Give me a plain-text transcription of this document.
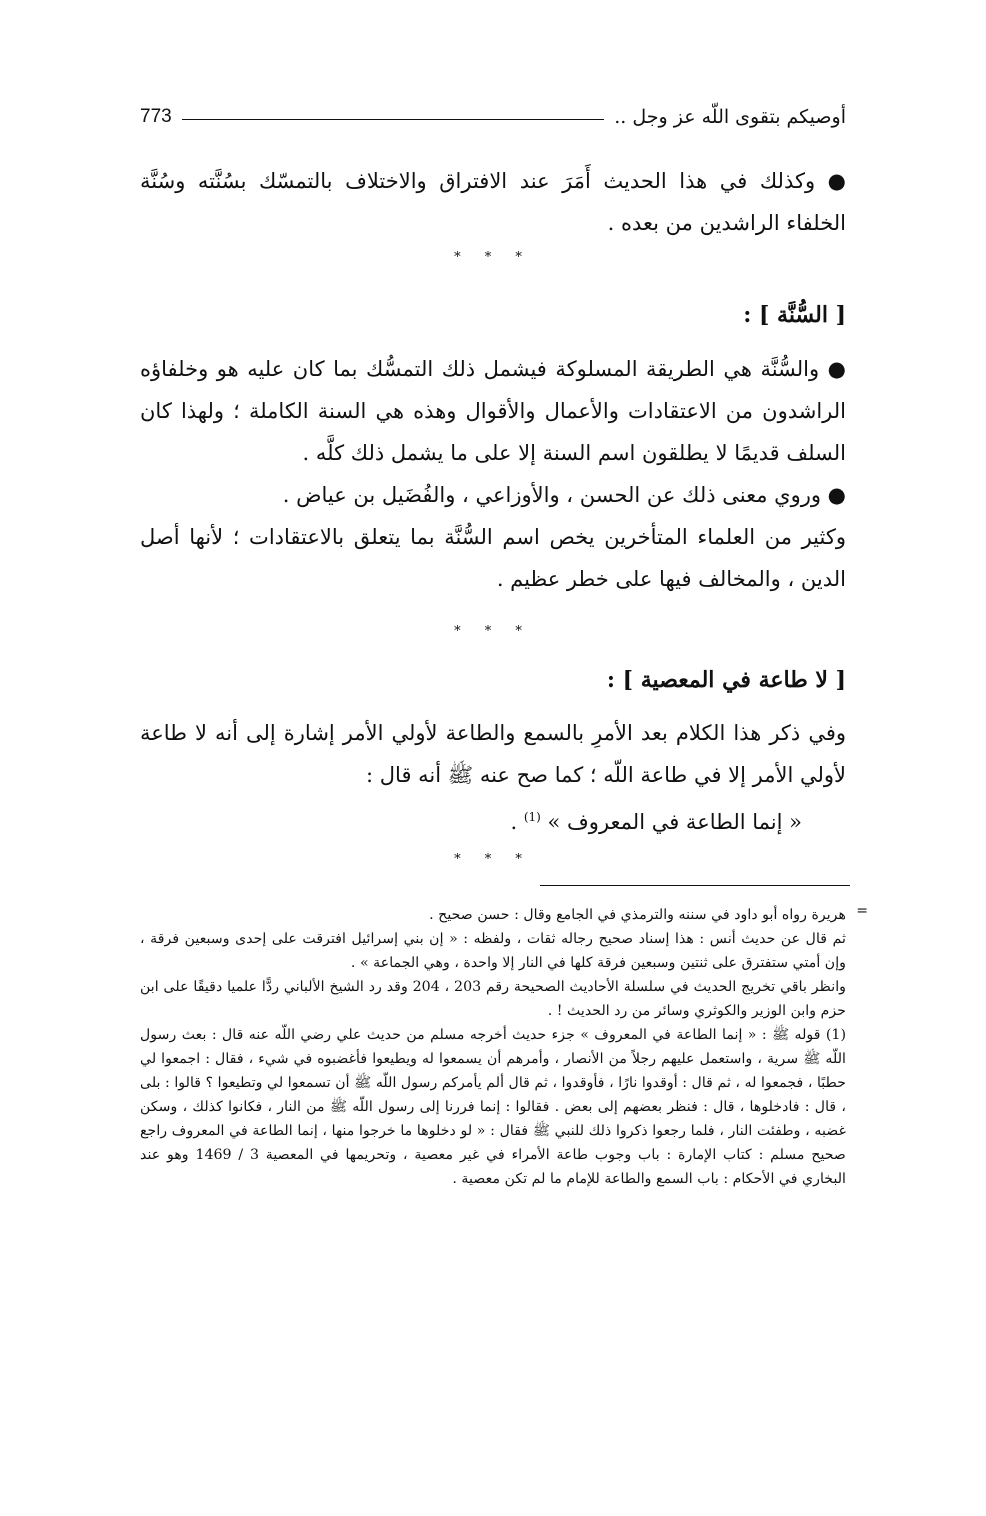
أوصيكم بتقوى اللّه عز وجل ..
773

● وكذلك في هذا الحديث أَمَرَ عند الافتراق والاختلاف بالتمسّك بسُنَّته وسُنَّة الخلفاء الراشدين من بعده .

* * *
[ السُّنَّة ] :

● والسُّنَّة هي الطريقة المسلوكة فيشمل ذلك التمسُّك بما كان عليه هو وخلفاؤه الراشدون من الاعتقادات والأعمال والأقوال وهذه هي السنة الكاملة ؛ ولهذا كان السلف قديمًا لا يطلقون اسم السنة إلا على ما يشمل ذلك كلَّه .

● وروي معنى ذلك عن الحسن ، والأوزاعي ، والفُضَيل بن عياض .

وكثير من العلماء المتأخرين يخص اسم السُّنَّة بما يتعلق بالاعتقادات ؛ لأنها أصل الدين ، والمخالف فيها على خطر عظيم .

* * *
[ لا طاعة في المعصية ] :

وفي ذكر هذا الكلام بعد الأمرِ بالسمع والطاعة لأولي الأمر إشارة إلى أنه لا طاعة لأولي الأمر إلا في طاعة اللّه ؛ كما صح عنه ﷺ أنه قال :

« إنما الطاعة في المعروف » $^{(1)}$ .

* * *
=

هريرة رواه أبو داود في سننه والترمذي في الجامع وقال : حسن صحيح .

ثم قال عن حديث أنس : هذا إسناد صحيح رجاله ثقات ، ولفظه : « إن بني إسرائيل افترقت على إحدى وسبعين فرقة ، وإن أمتي ستفترق على ثنتين وسبعين فرقة كلها في النار إلا واحدة ، وهي الجماعة » .

وانظر باقي تخريج الحديث في سلسلة الأحاديث الصحيحة رقم 203 ، 204 وقد رد الشيخ الألباني ردًّا علميا دقيقًا على ابن حزم وابن الوزير والكوثري وسائر من رد الحديث ! .

(1) قوله ﷺ : « إنما الطاعة في المعروف » جزء حديث أخرجه مسلم من حديث علي رضي اللّه عنه قال : بعث رسول اللّه ﷺ سرية ، واستعمل عليهم رجلاً من الأنصار ، وأمرهم أن يسمعوا له ويطيعوا فأغضبوه في شيء ، فقال : اجمعوا لي حطبًا ، فجمعوا له ، ثم قال : أوقدوا نارًا ، فأوقدوا ، ثم قال ألم يأمركم رسول اللّه ﷺ أن تسمعوا لي وتطيعوا ؟ قالوا : بلى ، قال : فادخلوها ، قال : فنظر بعضهم إلى بعض . فقالوا : إنما فررنا إلى رسول اللّه ﷺ من النار ، فكانوا كذلك ، وسكن غضبه ، وطفئت النار ، فلما رجعوا ذكروا ذلك للنبي ﷺ فقال : « لو دخلوها ما خرجوا منها ، إنما الطاعة في المعروف راجع صحيح مسلم : كتاب الإمارة : باب وجوب طاعة الأمراء في غير معصية ، وتحريمها في المعصية 3 / 1469 وهو عند البخاري في الأحكام : باب السمع والطاعة للإمام ما لم تكن معصية .
